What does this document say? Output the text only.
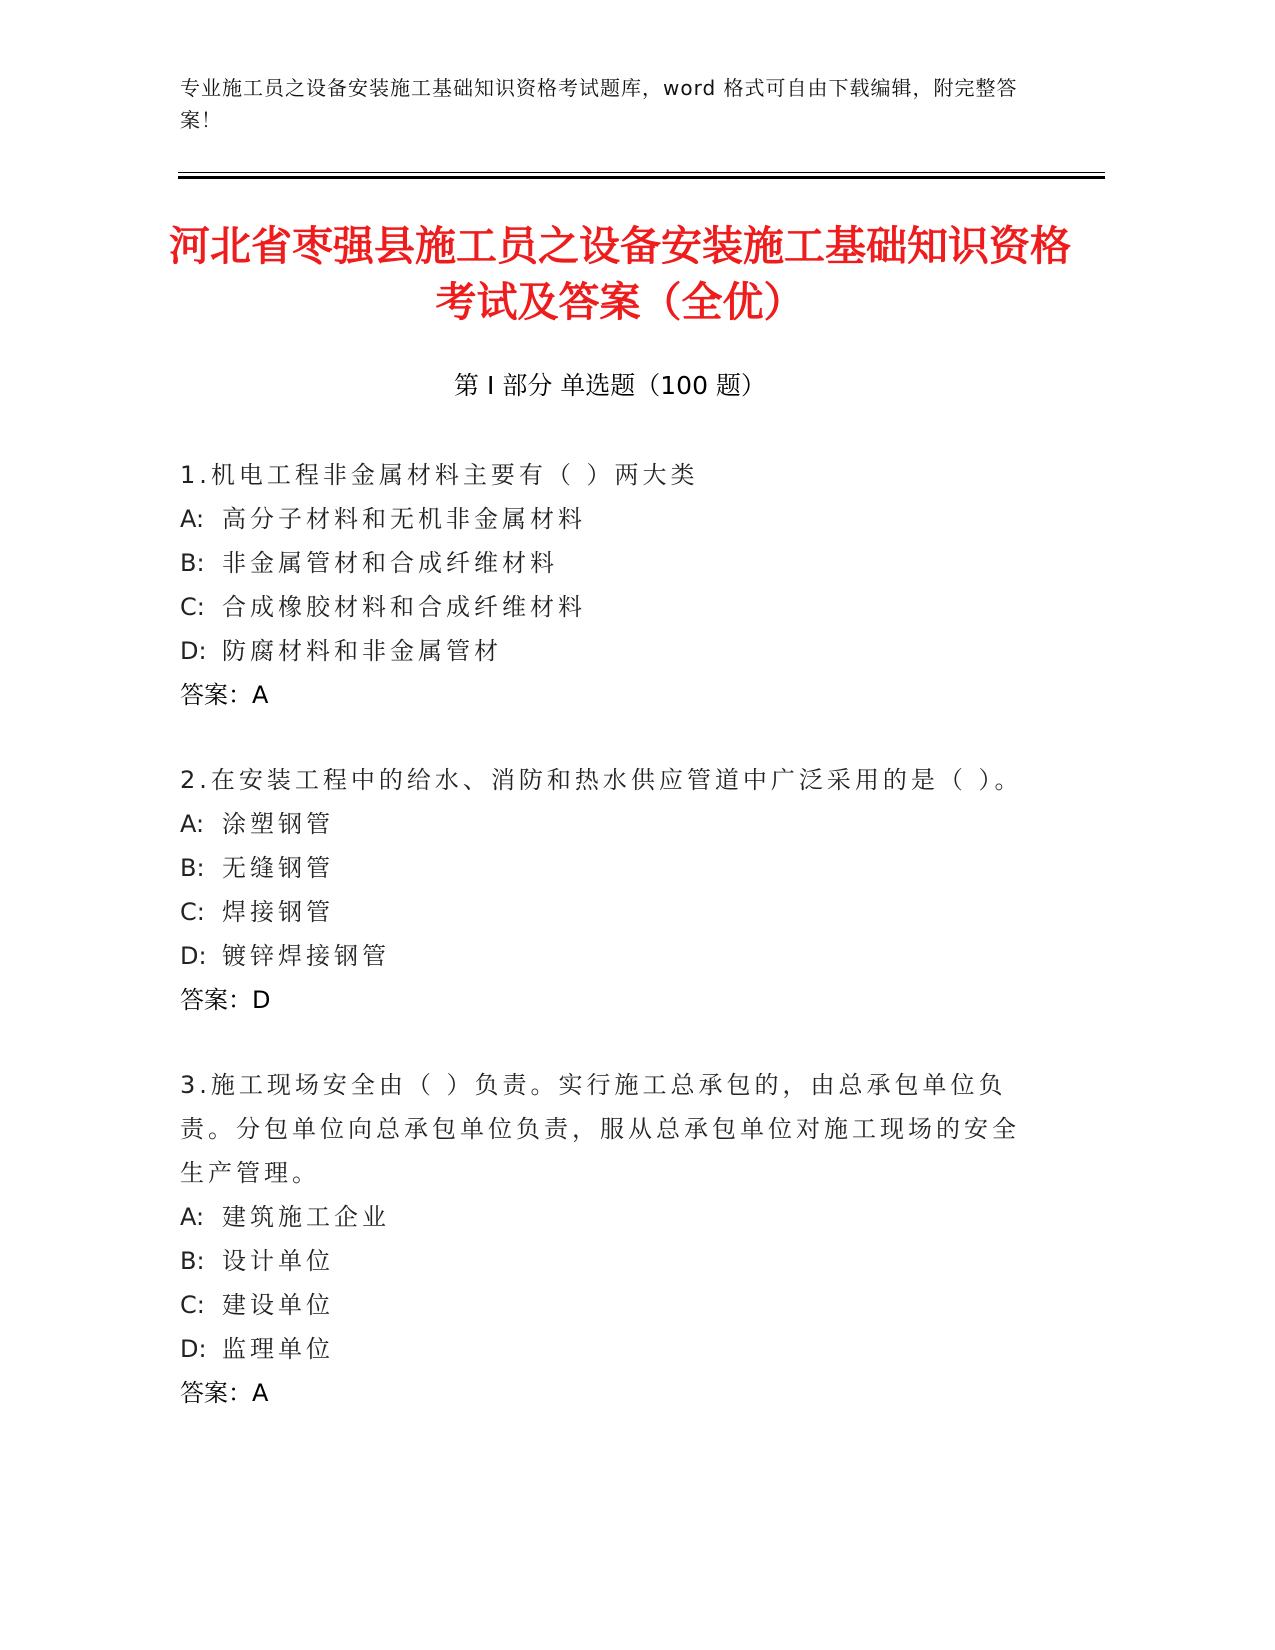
专业施工员之设备安装施工基础知识资格考试题库，word 格式可自由下载编辑，附完整答案！
河北省枣强县施工员之设备安装施工基础知识资格考试及答案（全优）
第 I 部分 单选题（100 题）

1.机电工程非金属材料主要有（ ）两大类

A: 高分子材料和无机非金属材料

B: 非金属管材和合成纤维材料

C: 合成橡胶材料和合成纤维材料

D: 防腐材料和非金属管材

答案：A

2.在安装工程中的给水、消防和热水供应管道中广泛采用的是（ ）。

A: 涂塑钢管

B: 无缝钢管

C: 焊接钢管

D: 镀锌焊接钢管

答案：D

3.施工现场安全由（ ）负责。实行施工总承包的，由总承包单位负责。分包单位向总承包单位负责，服从总承包单位对施工现场的安全生产管理。

A: 建筑施工企业

B: 设计单位

C: 建设单位

D: 监理单位

答案：A
